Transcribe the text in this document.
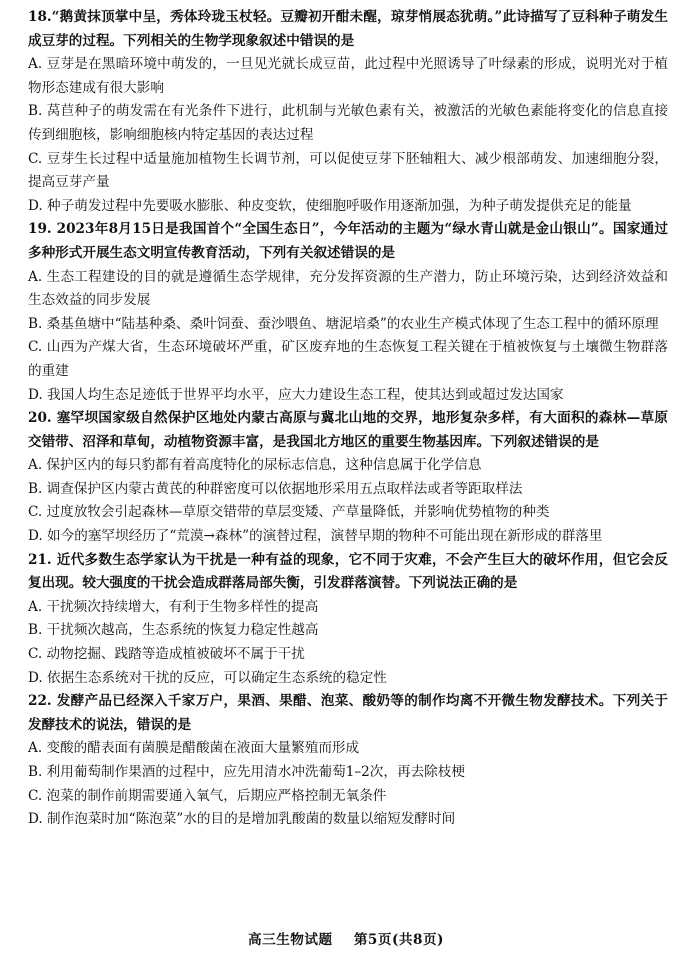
18.“鹅黄抹顶掌中呈，秀体玲珑玉杖轻。豆瓣初开酣未醒，琼芽悄展态犹萌。”此诗描写了豆科种子萌发生成豆芽的过程。下列相关的生物学现象叙述中错误的是

A. 豆芽是在黑暗环境中萌发的，一旦见光就长成豆苗，此过程中光照诱导了叶绿素的形成，说明光对于植物形态建成有很大影响

B. 莴苣种子的萌发需在有光条件下进行，此机制与光敏色素有关，被激活的光敏色素能将变化的信息直接传到细胞核，影响细胞核内特定基因的表达过程

C. 豆芽生长过程中适量施加植物生长调节剂，可以促使豆芽下胚轴粗大、减少根部萌发、加速细胞分裂，提高豆芽产量

D. 种子萌发过程中先要吸水膨胀、种皮变软，使细胞呼吸作用逐渐加强，为种子萌发提供充足的能量

19. 2023年8月15日是我国首个“全国生态日”，今年活动的主题为“绿水青山就是金山银山”。国家通过多种形式开展生态文明宣传教育活动，下列有关叙述错误的是

A. 生态工程建设的目的就是遵循生态学规律，充分发挥资源的生产潜力，防止环境污染，达到经济效益和生态效益的同步发展

B. 桑基鱼塘中“陆基种桑、桑叶饲蚕、蚕沙喂鱼、塘泥培桑”的农业生产模式体现了生态工程中的循环原理

C. 山西为产煤大省，生态环境破坏严重，矿区废弃地的生态恢复工程关键在于植被恢复与土壤微生物群落的重建

D. 我国人均生态足迹低于世界平均水平，应大力建设生态工程，使其达到或超过发达国家

20. 塞罕坝国家级自然保护区地处内蒙古高原与冀北山地的交界，地形复杂多样，有大面积的森林—草原交错带、沼泽和草甸，动植物资源丰富，是我国北方地区的重要生物基因库。下列叙述错误的是

A. 保护区内的每只豹都有着高度特化的尿标志信息，这种信息属于化学信息

B. 调查保护区内蒙古黄芪的种群密度可以依据地形采用五点取样法或者等距取样法

C. 过度放牧会引起森林—草原交错带的草层变矮、产草量降低，并影响优势植物的种类

D. 如今的塞罕坝经历了“荒漠→森林”的演替过程，演替早期的物种不可能出现在新形成的群落里

21. 近代多数生态学家认为干扰是一种有益的现象，它不同于灾难，不会产生巨大的破坏作用，但它会反复出现。较大强度的干扰会造成群落局部失衡，引发群落演替。下列说法正确的是

A. 干扰频次持续增大，有利于生物多样性的提高

B. 干扰频次越高，生态系统的恢复力稳定性越高

C. 动物挖掘、践踏等造成植被破坏不属于干扰

D. 依据生态系统对干扰的反应，可以确定生态系统的稳定性

22. 发酵产品已经深入千家万户，果酒、果醋、泡菜、酸奶等的制作均离不开微生物发酵技术。下列关于发酵技术的说法，错误的是

A. 变酸的醋表面有菌膜是醋酸菌在液面大量繁殖而形成

B. 利用葡萄制作果酒的过程中，应先用清水冲洗葡萄1–2次，再去除枝梗

C. 泡菜的制作前期需要通入氧气，后期应严格控制无氧条件

D. 制作泡菜时加“陈泡菜”水的目的是增加乳酸菌的数量以缩短发酵时间

高三生物试题 第5页(共8页)
